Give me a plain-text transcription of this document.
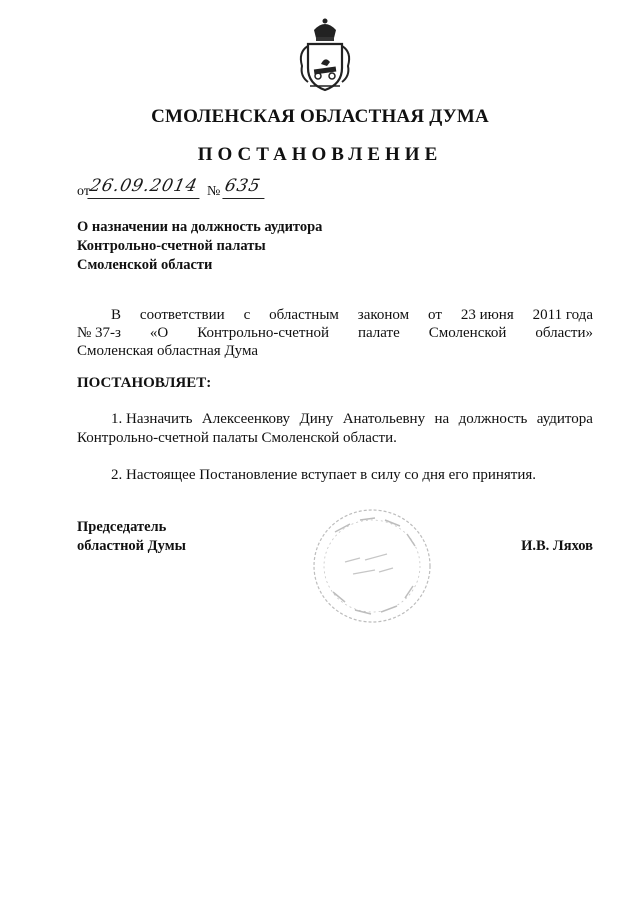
СМОЛЕНСКАЯ ОБЛАСТНАЯ ДУМА
ПОСТАНОВЛЕНИЕ
от
26.09.2014 № 635
О назначении на должность аудитора
Контрольно-счетной палаты
Смоленской области
В соответствии с областным законом от 23 июня 2011 года
№ 37-з «О Контрольно-счетной палате Смоленской области»
Смоленская областная Дума
ПОСТАНОВЛЯЕТ:
1. Назначить Алексеенкову Дину Анатольевну на должность аудитора
Контрольно-счетной палаты Смоленской области.
2. Настоящее Постановление вступает в силу со дня его принятия.
Председатель
областной Думы	И.В. Ляхов
